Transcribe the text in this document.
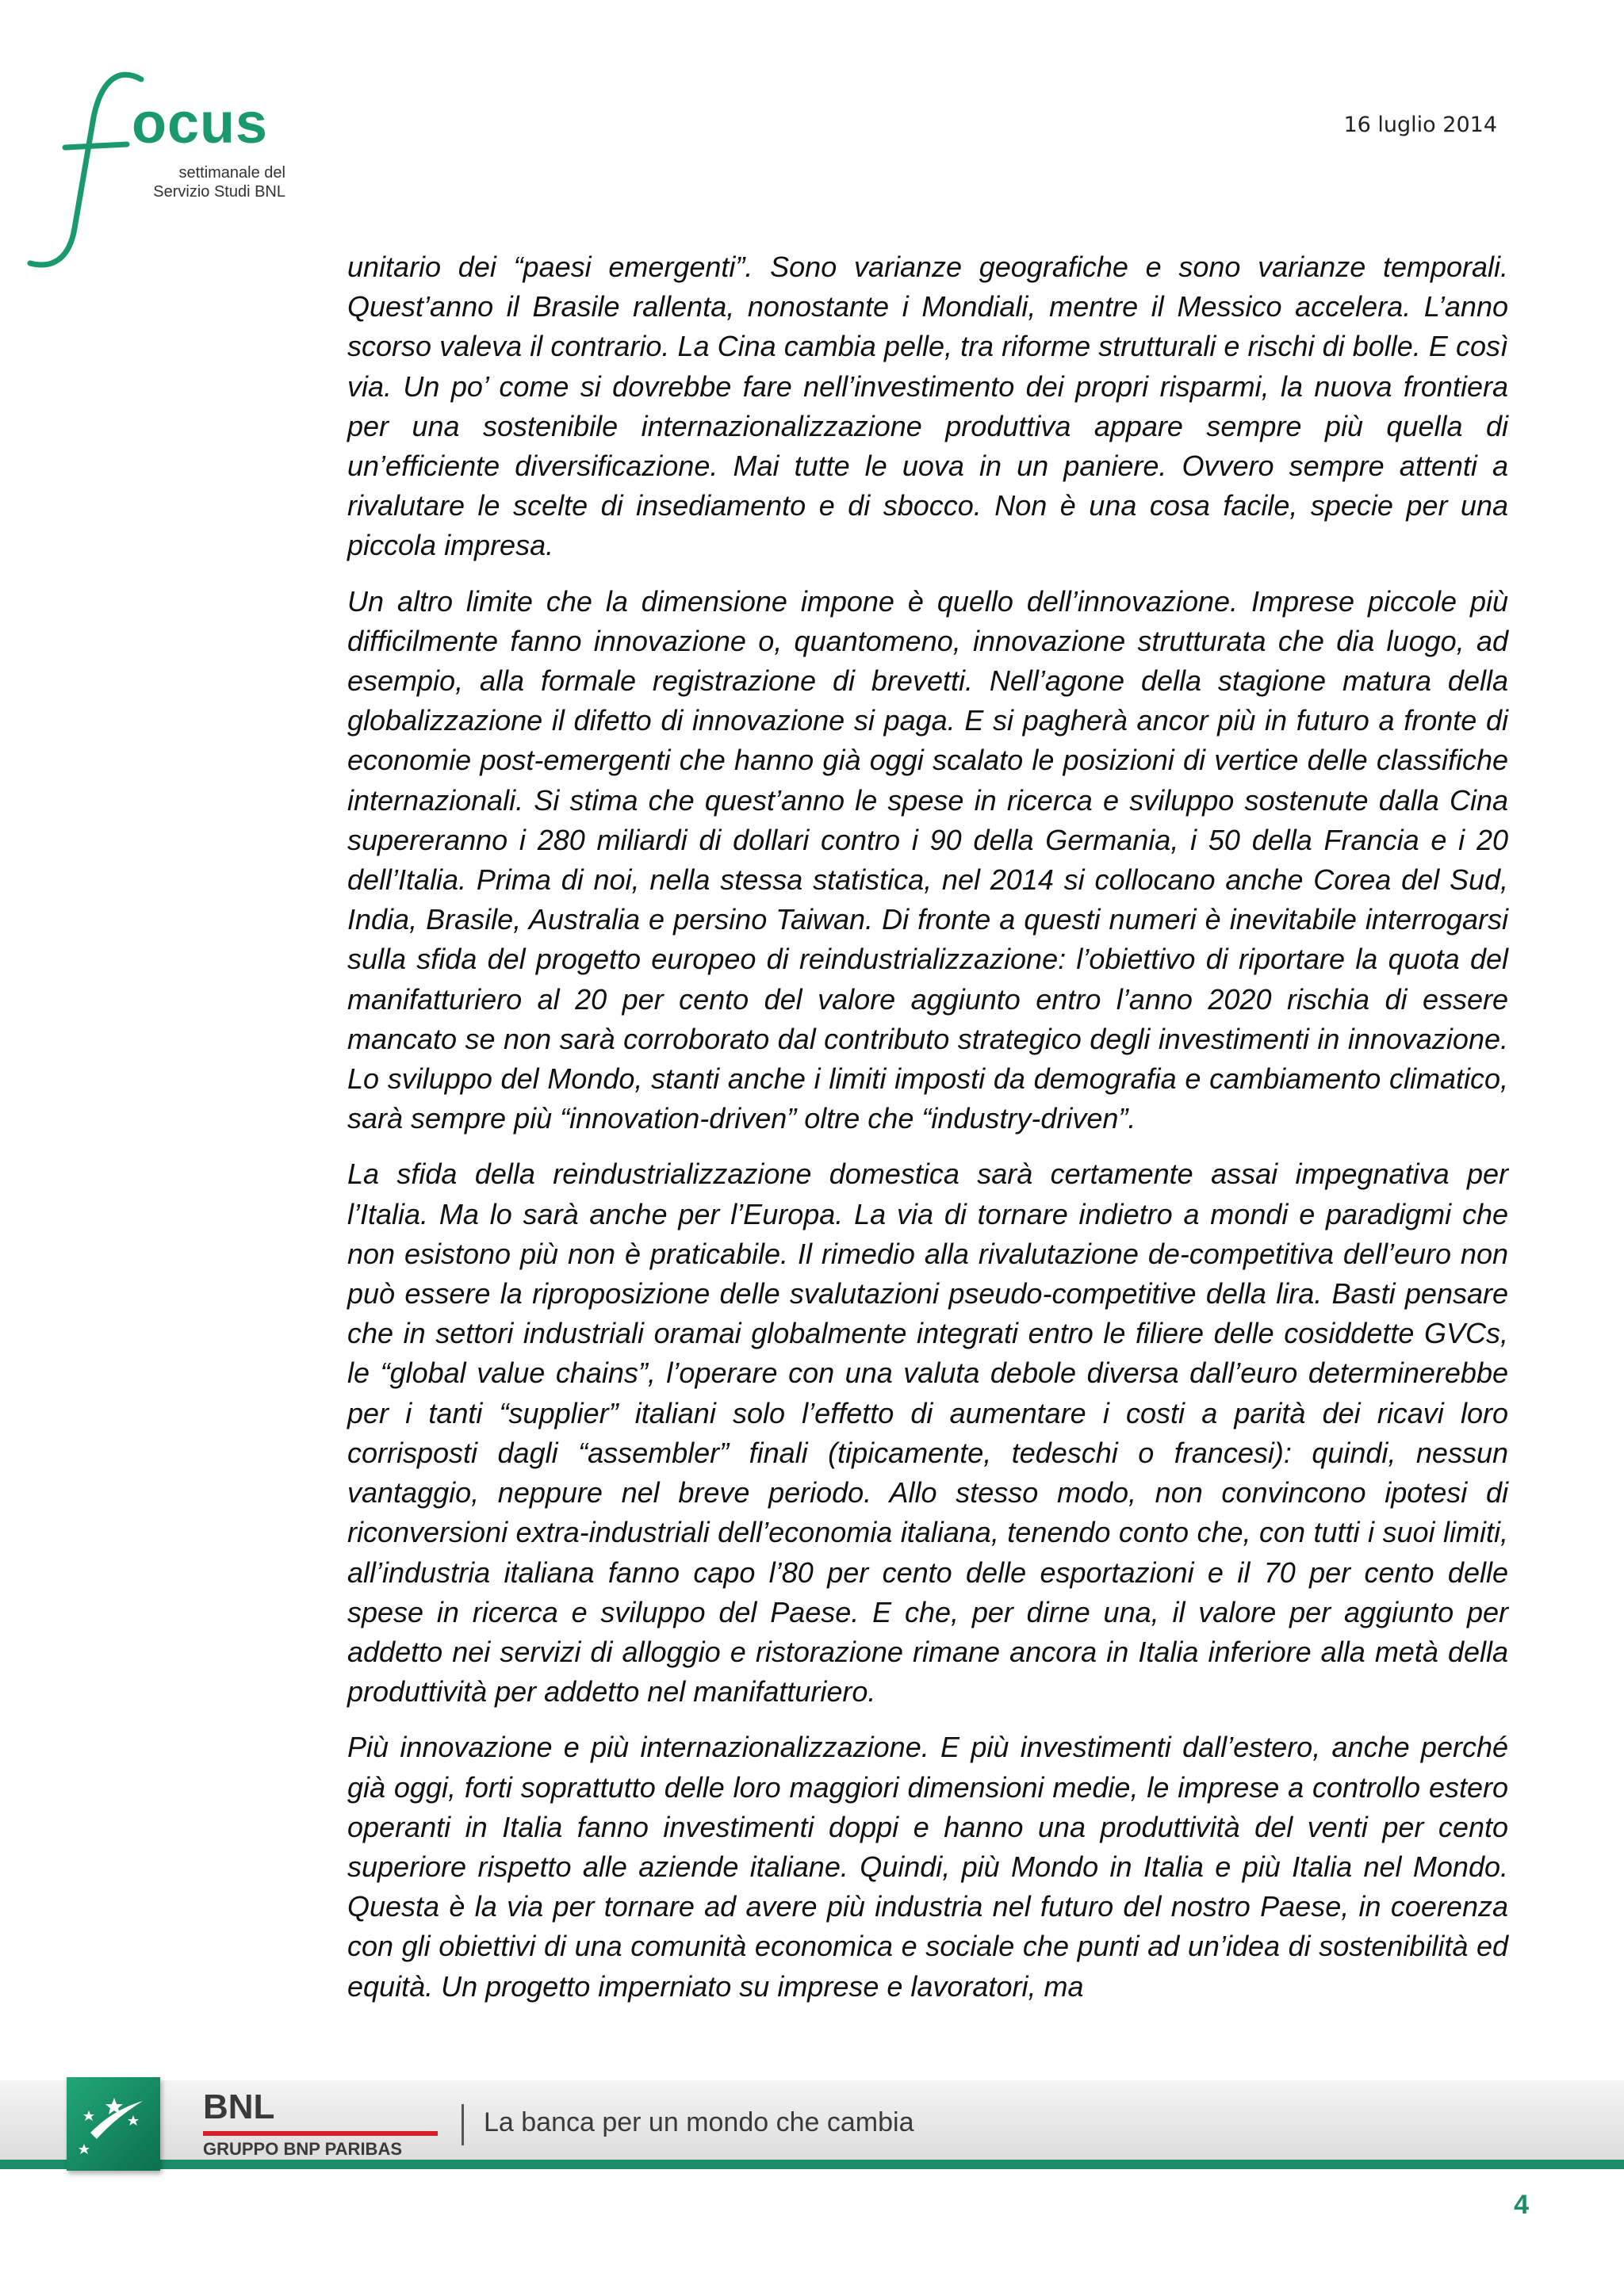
ocus
settimanale del
Servizio Studi BNL
16 luglio 2014

unitario dei “paesi emergenti”. Sono varianze geografiche e sono varianze temporali. Quest’anno il Brasile rallenta, nonostante i Mondiali, mentre il Messico accelera. L’anno scorso valeva il contrario. La Cina cambia pelle, tra riforme strutturali e rischi di bolle. E così via. Un po’ come si dovrebbe fare nell’investimento dei propri risparmi, la nuova frontiera per una sostenibile internazionalizzazione produttiva appare sempre più quella di un’efficiente diversificazione. Mai tutte le uova in un paniere. Ovvero sempre attenti a rivalutare le scelte di insediamento e di sbocco. Non è una cosa facile, specie per una piccola impresa.

Un altro limite che la dimensione impone è quello dell’innovazione. Imprese piccole più difficilmente fanno innovazione o, quantomeno, innovazione strutturata che dia luogo, ad esempio, alla formale registrazione di brevetti. Nell’agone della stagione matura della globalizzazione il difetto di innovazione si paga. E si pagherà ancor più in futuro a fronte di economie post-emergenti che hanno già oggi scalato le posizioni di vertice delle classifiche internazionali. Si stima che quest’anno le spese in ricerca e sviluppo sostenute dalla Cina supereranno i 280 miliardi di dollari contro i 90 della Germania, i 50 della Francia e i 20 dell’Italia. Prima di noi, nella stessa statistica, nel 2014 si collocano anche Corea del Sud, India, Brasile, Australia e persino Taiwan. Di fronte a questi numeri è inevitabile interrogarsi sulla sfida del progetto europeo di reindustrializzazione: l’obiettivo di riportare la quota del manifatturiero al 20 per cento del valore aggiunto entro l’anno 2020 rischia di essere mancato se non sarà corroborato dal contributo strategico degli investimenti in innovazione. Lo sviluppo del Mondo, stanti anche i limiti imposti da demografia e cambiamento climatico, sarà sempre più “innovation-driven” oltre che “industry-driven”.

La sfida della reindustrializzazione domestica sarà certamente assai impegnativa per l’Italia. Ma lo sarà anche per l’Europa. La via di tornare indietro a mondi e paradigmi che non esistono più non è praticabile. Il rimedio alla rivalutazione de-competitiva dell’euro non può essere la riproposizione delle svalutazioni pseudo-competitive della lira. Basti pensare che in settori industriali oramai globalmente integrati entro le filiere delle cosiddette GVCs, le “global value chains”, l’operare con una valuta debole diversa dall’euro determinerebbe per i tanti “supplier” italiani solo l’effetto di aumentare i costi a parità dei ricavi loro corrisposti dagli “assembler” finali (tipicamente, tedeschi o francesi): quindi, nessun vantaggio, neppure nel breve periodo. Allo stesso modo, non convincono ipotesi di riconversioni extra-industriali dell’economia italiana, tenendo conto che, con tutti i suoi limiti, all’industria italiana fanno capo l’80 per cento delle esportazioni e il 70 per cento delle spese in ricerca e sviluppo del Paese. E che, per dirne una, il valore per aggiunto per addetto nei servizi di alloggio e ristorazione rimane ancora in Italia inferiore alla metà della produttività per addetto nel manifatturiero.

Più innovazione e più internazionalizzazione. E più investimenti dall’estero, anche perché già oggi, forti soprattutto delle loro maggiori dimensioni medie, le imprese a controllo estero operanti in Italia fanno investimenti doppi e hanno una produttività del venti per cento superiore rispetto alle aziende italiane. Quindi, più Mondo in Italia e più Italia nel Mondo. Questa è la via per tornare ad avere più industria nel futuro del nostro Paese, in coerenza con gli obiettivi di una comunità economica e sociale che punti ad un’idea di sostenibilità ed equità. Un progetto imperniato su imprese e lavoratori, ma

BNL
GRUPPO BNP PARIBAS
La banca per un mondo che cambia
4
